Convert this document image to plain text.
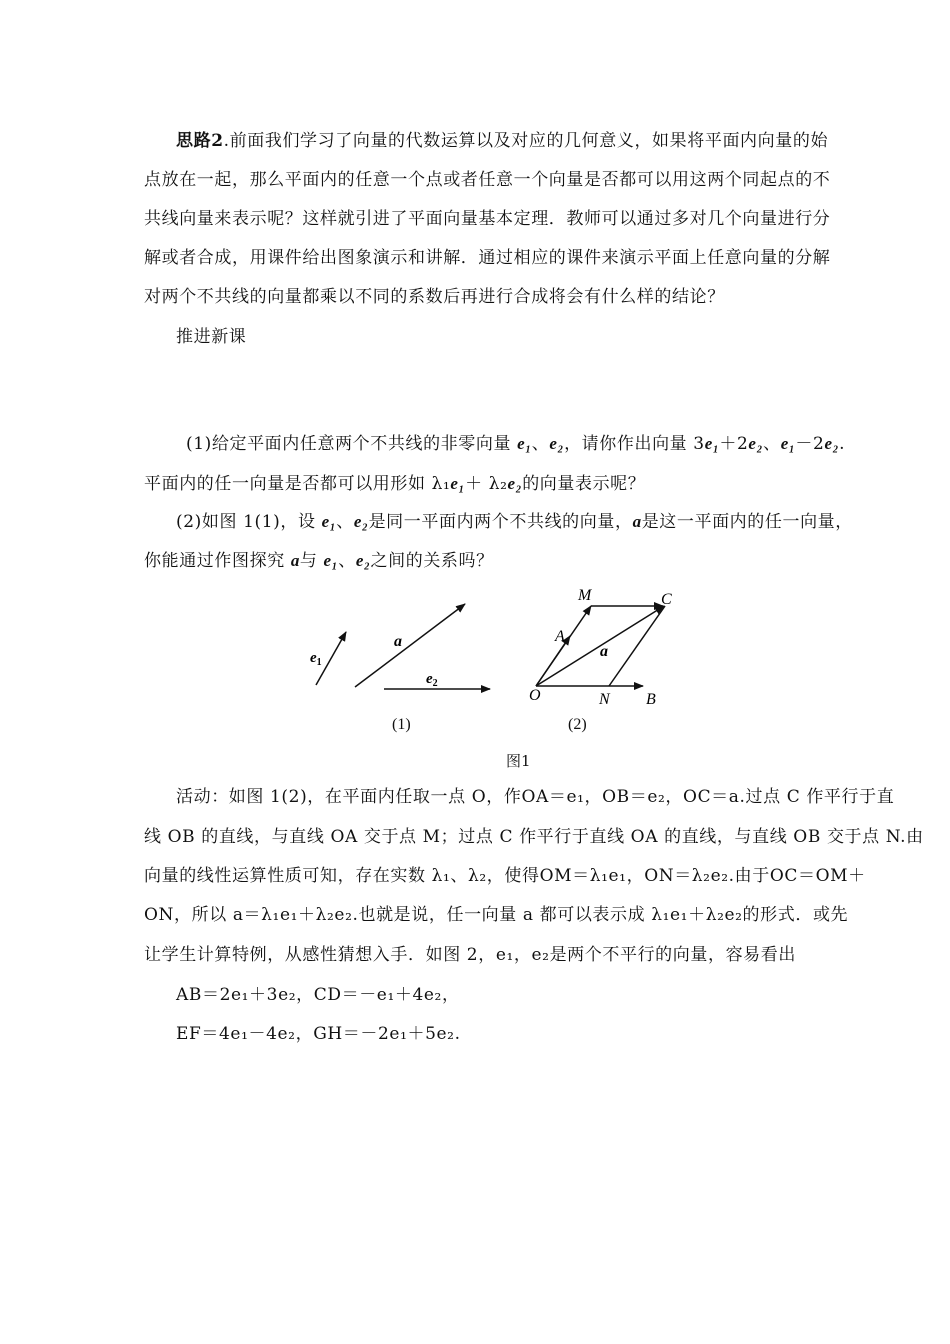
思路2.前面我们学习了向量的代数运算以及对应的几何意义，如果将平面内向量的始
点放在一起，那么平面内的任意一个点或者任意一个向量是否都可以用这两个同起点的不
共线向量来表示呢？这样就引进了平面向量基本定理．教师可以通过多对几个向量进行分
解或者合成，用课件给出图象演示和讲解．通过相应的课件来演示平面上任意向量的分解
对两个不共线的向量都乘以不同的系数后再进行合成将会有什么样的结论？
推进新课
(1)给定平面内任意两个不共线的非零向量 e₁、e₂，请你作出向量 3e₁＋2e₂、e₁－2e₂.
平面内的任一向量是否都可以用形如 λ₁e₁＋ λ₂e₂的向量表示呢？
(2)如图 1(1)，设 e₁、e₂是同一平面内两个不共线的向量，a是这一平面内的任一向量，
你能通过作图探究 a与 e₁、e₂之间的关系吗？
$e_1$
a
$e_2$
M	C
A
a
O	N B
(1)	(2)
图1
活动：如图 1(2)，在平面内任取一点 O，作OA＝e₁，OB＝e₂，OC＝a.过点 C 作平行于直
线 OB 的直线，与直线 OA 交于点 M；过点 C 作平行于直线 OA 的直线，与直线 OB 交于点 N.由
向量的线性运算性质可知，存在实数 λ₁、λ₂，使得OM＝λ₁e₁，ON＝λ₂e₂.由于OC＝OM＋
ON，所以 a＝λ₁e₁＋λ₂e₂.也就是说，任一向量 a 都可以表示成 λ₁e₁＋λ₂e₂的形式．或先
让学生计算特例，从感性猜想入手．如图 2，e₁，e₂是两个不平行的向量，容易看出
AB＝2e₁＋3e₂，CD＝－e₁＋4e₂，
EF＝4e₁－4e₂，GH＝－2e₁＋5e₂.
